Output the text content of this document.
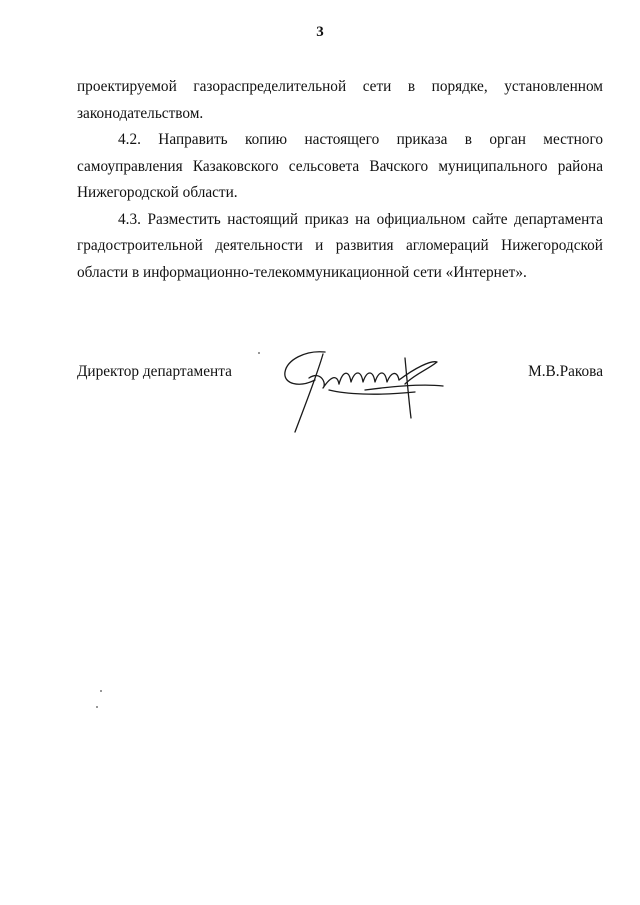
3

проектируемой газораспределительной сети в порядке, установленном законодательством.

4.2. Направить копию настоящего приказа в орган местного самоуправления Казаковского сельсовета Вачского муниципального района Нижегородской области.

4.3. Разместить настоящий приказ на официальном сайте департамента градостроительной деятельности и развития агломераций Нижегородской области в информационно-телекоммуникационной сети «Интернет».

Директор департамента	М.В.Ракова
